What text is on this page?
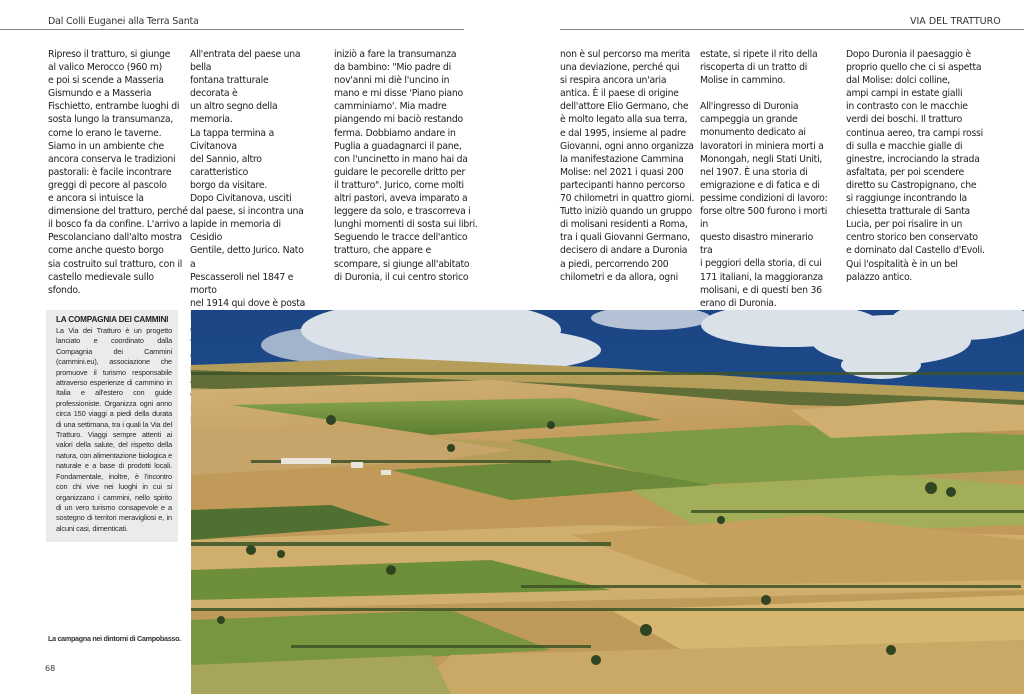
Dal Colli Euganei alla Terra Santa	VIA DEL TRATTURO

Ripreso il tratturo, si giunge
al valico Merocco (960 m)
e poi si scende a Masseria
Gismundo e a Masseria
Fischietto, entrambe luoghi di
sosta lungo la transumanza,
come lo erano le taverne.
Siamo in un ambiente che
ancora conserva le tradizioni
pastorali: è facile incontrare
greggi di pecore al pascolo
e ancora si intuisce la
dimensione del tratturo, perché
il bosco fa da confine. L'arrivo a
Pescolanciano dall'alto mostra
come anche questo borgo
sia costruito sul tratturo, con il
castello medievale sullo sfondo.

All'entrata del paese una bella
fontana tratturale decorata è
un altro segno della memoria.
La tappa termina a Civitanova
del Sannio, altro caratteristico
borgo da visitare.
Dopo Civitanova, usciti
dal paese, si incontra una
lapide in memoria di Cesidio
Gentile, detto Jurico. Nato a
Pescasseroli nel 1847 e morto
nel 1914 qui dove è posta

iniziò a fare la transumanza
da bambino: "Mio padre di
nov'anni mi diè l'uncino in
mano e mi disse 'Piano piano
camminiamo'. Mia madre
piangendo mi baciò restando
ferma. Dobbiamo andare in
Puglia a guadagnarci il pane,
con l'uncinetto in mano hai da
guidare le pecorelle dritto per
il tratturo". Jurico, come molti
altri pastori, aveva imparato a
leggere da solo, e trascorreva i
lunghi momenti di sosta sui libri.
Seguendo le tracce dell'antico
tratturo, che appare e
scompare, si giunge all'abitato
di Duronia, il cui centro storico

non è sul percorso ma merita
una deviazione, perché qui
si respira ancora un'aria
antica. È il paese di origine
dell'attore Elio Germano, che
è molto legato alla sua terra,
e dal 1995, insieme al padre
Giovanni, ogni anno organizza
la manifestazione Cammina
Molise: nel 2021 i quasi 200
partecipanti hanno percorso
70 chilometri in quattro giorni.
Tutto iniziò quando un gruppo
di molisani residenti a Roma,
tra i quali Giovanni Germano,
decisero di andare a Duronia
a piedi, percorrendo 200
chilometri e da allora, ogni

estate, si ripete il rito della
riscoperta di un tratto di
Molise in cammino.

All'ingresso di Duronia
campeggia un grande
monumento dedicato ai
lavoratori in miniera morti a
Monongah, negli Stati Uniti,
nel 1907. È una storia di
emigrazione e di fatica e di
pessime condizioni di lavoro:
forse oltre 500 furono i morti in
questo disastro minerario tra
i peggiori della storia, di cui
171 italiani, la maggioranza
molisani, e di questi ben 36
erano di Duronia.

Dopo Duronia il paesaggio è
proprio quello che ci si aspetta
dal Molise: dolci colline,
ampi campi in estate gialli
in contrasto con le macchie
verdi dei boschi. Il tratturo
continua aereo, tra campi rossi
di sulla e macchie gialle di
ginestre, incrociando la strada
asfaltata, per poi scendere
diretto su Castropignano, che
si raggiunge incontrando la
chiesetta tratturale di Santa
Lucia, per poi risalire in un
centro storico ben conservato
e dominato dal Castello d'Evoli.
Qui l'ospitalità è in un bel
palazzo antico.

LA COMPAGNIA DEI CAMMINI
La Via dei Tratturo è un progetto lanciato e coordinato dalla Compagnia dei Cammini (cammini.eu), associazione che promuove il turismo responsabile attraverso esperienze di cammino in Italia e all'estero con guide professioniste. Organizza ogni anno circa 150 viaggi a piedi della durata di una settimana, tra i quali la Via del Tratturo. Viaggi sempre attenti ai valori della salute, del rispetto della natura, con alimentazione biologica e naturale e a base di prodotti locali. Fondamentale, inoltre, è l'incontro con chi vive nei luoghi in cui si organizzano i cammini, nello spirito di un vero turismo consapevole e a sostegno di territori meravigliosi e, in alcuni casi, dimenticati.
La campagna nei dintorni di Campobasso.
68
